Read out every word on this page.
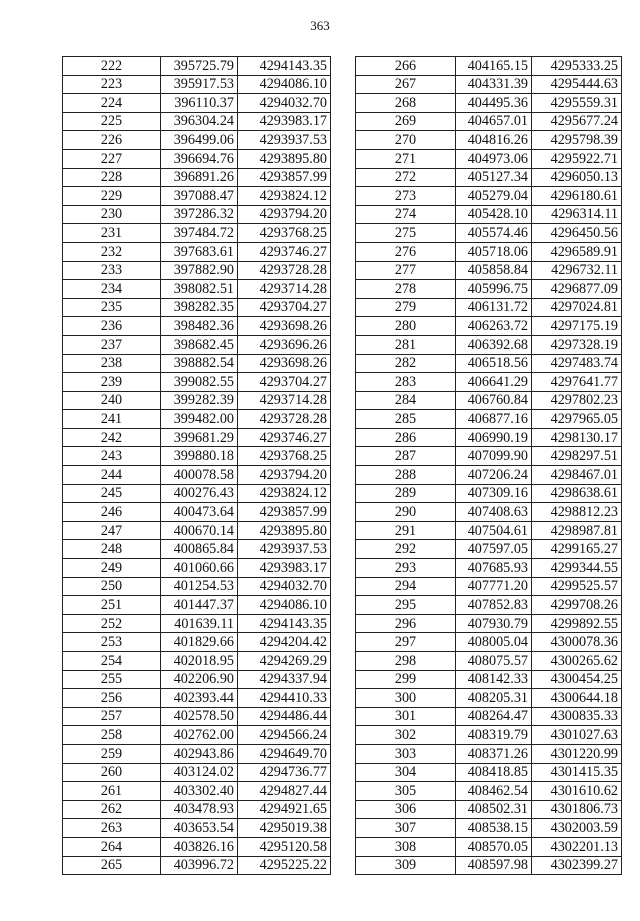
363
222	395725.79	4294143.35
223	395917.53	4294086.10
224	396110.37	4294032.70
225	396304.24	4293983.17
226	396499.06	4293937.53
227	396694.76	4293895.80
228	396891.26	4293857.99
229	397088.47	4293824.12
230	397286.32	4293794.20
231	397484.72	4293768.25
232	397683.61	4293746.27
233	397882.90	4293728.28
234	398082.51	4293714.28
235	398282.35	4293704.27
236	398482.36	4293698.26
237	398682.45	4293696.26
238	398882.54	4293698.26
239	399082.55	4293704.27
240	399282.39	4293714.28
241	399482.00	4293728.28
242	399681.29	4293746.27
243	399880.18	4293768.25
244	400078.58	4293794.20
245	400276.43	4293824.12
246	400473.64	4293857.99
247	400670.14	4293895.80
248	400865.84	4293937.53
249	401060.66	4293983.17
250	401254.53	4294032.70
251	401447.37	4294086.10
252	401639.11	4294143.35
253	401829.66	4294204.42
254	402018.95	4294269.29
255	402206.90	4294337.94
256	402393.44	4294410.33
257	402578.50	4294486.44
258	402762.00	4294566.24
259	402943.86	4294649.70
260	403124.02	4294736.77
261	403302.40	4294827.44
262	403478.93	4294921.65
263	403653.54	4295019.38
264	403826.16	4295120.58
265	403996.72	4295225.22
266	404165.15	4295333.25
267	404331.39	4295444.63
268	404495.36	4295559.31
269	404657.01	4295677.24
270	404816.26	4295798.39
271	404973.06	4295922.71
272	405127.34	4296050.13
273	405279.04	4296180.61
274	405428.10	4296314.11
275	405574.46	4296450.56
276	405718.06	4296589.91
277	405858.84	4296732.11
278	405996.75	4296877.09
279	406131.72	4297024.81
280	406263.72	4297175.19
281	406392.68	4297328.19
282	406518.56	4297483.74
283	406641.29	4297641.77
284	406760.84	4297802.23
285	406877.16	4297965.05
286	406990.19	4298130.17
287	407099.90	4298297.51
288	407206.24	4298467.01
289	407309.16	4298638.61
290	407408.63	4298812.23
291	407504.61	4298987.81
292	407597.05	4299165.27
293	407685.93	4299344.55
294	407771.20	4299525.57
295	407852.83	4299708.26
296	407930.79	4299892.55
297	408005.04	4300078.36
298	408075.57	4300265.62
299	408142.33	4300454.25
300	408205.31	4300644.18
301	408264.47	4300835.33
302	408319.79	4301027.63
303	408371.26	4301220.99
304	408418.85	4301415.35
305	408462.54	4301610.62
306	408502.31	4301806.73
307	408538.15	4302003.59
308	408570.05	4302201.13
309	408597.98	4302399.27
